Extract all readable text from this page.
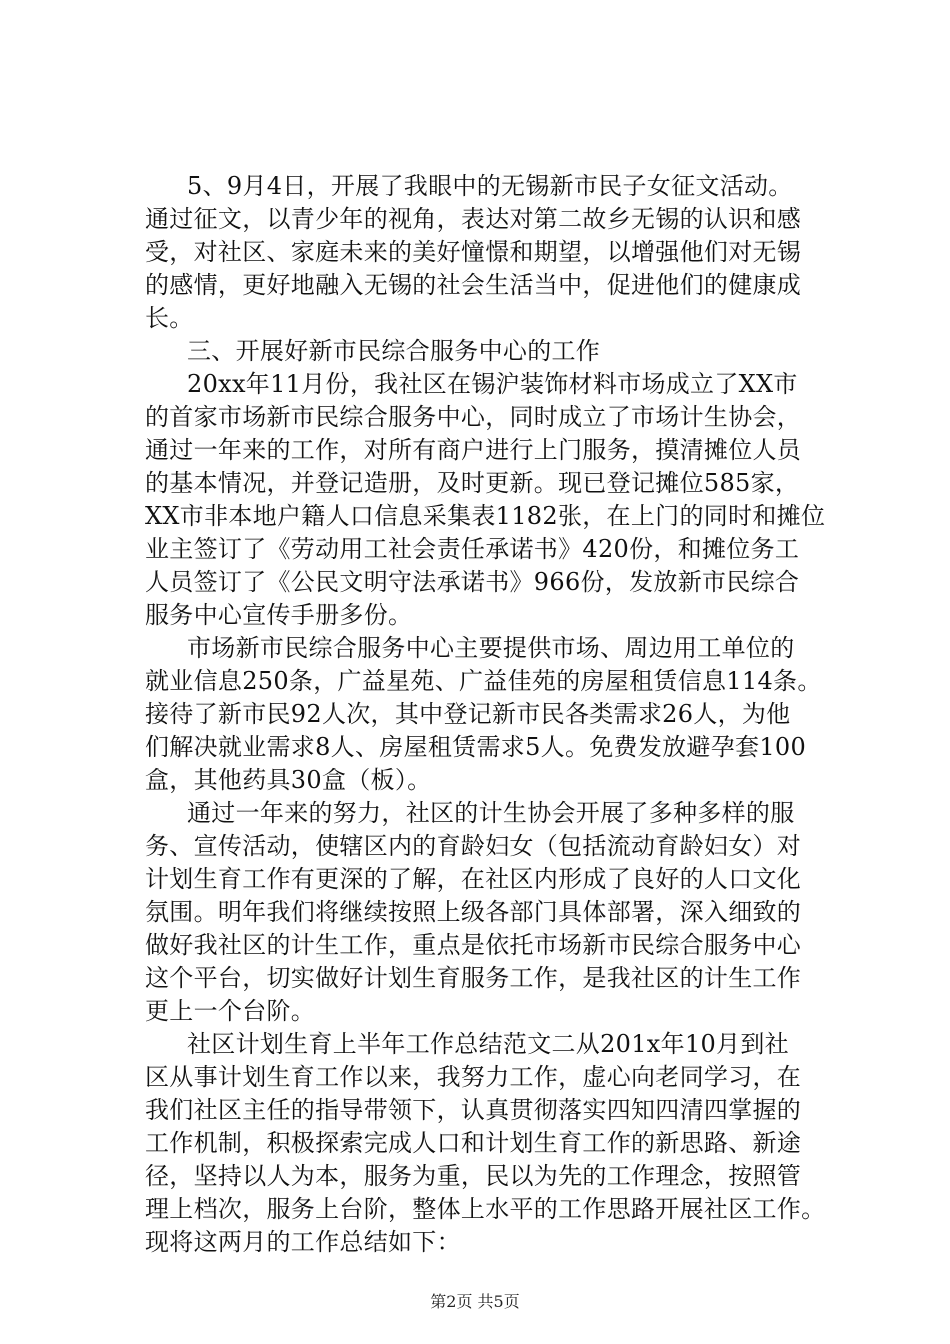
5、9月4日，开展了我眼中的无锡新市民子女征文活动。
通过征文，以青少年的视角，表达对第二故乡无锡的认识和感
受，对社区、家庭未来的美好憧憬和期望，以增强他们对无锡
的感情，更好地融入无锡的社会生活当中，促进他们的健康成
长。
三、开展好新市民综合服务中心的工作
20xx年11月份，我社区在锡沪装饰材料市场成立了XX市
的首家市场新市民综合服务中心，同时成立了市场计生协会，
通过一年来的工作，对所有商户进行上门服务，摸清摊位人员
的基本情况，并登记造册，及时更新。现已登记摊位585家，
XX市非本地户籍人口信息采集表1182张，在上门的同时和摊位
业主签订了《劳动用工社会责任承诺书》420份，和摊位务工
人员签订了《公民文明守法承诺书》966份，发放新市民综合
服务中心宣传手册多份。
市场新市民综合服务中心主要提供市场、周边用工单位的
就业信息250条，广益星苑、广益佳苑的房屋租赁信息114条。
接待了新市民92人次，其中登记新市民各类需求26人，为他
们解决就业需求8人、房屋租赁需求5人。免费发放避孕套100
盒，其他药具30盒（板）。
通过一年来的努力，社区的计生协会开展了多种多样的服
务、宣传活动，使辖区内的育龄妇女（包括流动育龄妇女）对
计划生育工作有更深的了解，在社区内形成了良好的人口文化
氛围。明年我们将继续按照上级各部门具体部署，深入细致的
做好我社区的计生工作，重点是依托市场新市民综合服务中心
这个平台，切实做好计划生育服务工作，是我社区的计生工作
更上一个台阶。
社区计划生育上半年工作总结范文二从201x年10月到社
区从事计划生育工作以来，我努力工作，虚心向老同学习，在
我们社区主任的指导带领下，认真贯彻落实四知四清四掌握的
工作机制，积极探索完成人口和计划生育工作的新思路、新途
径，坚持以人为本，服务为重，民以为先的工作理念，按照管
理上档次，服务上台阶，整体上水平的工作思路开展社区工作。
现将这两月的工作总结如下：
第2页 共5页
